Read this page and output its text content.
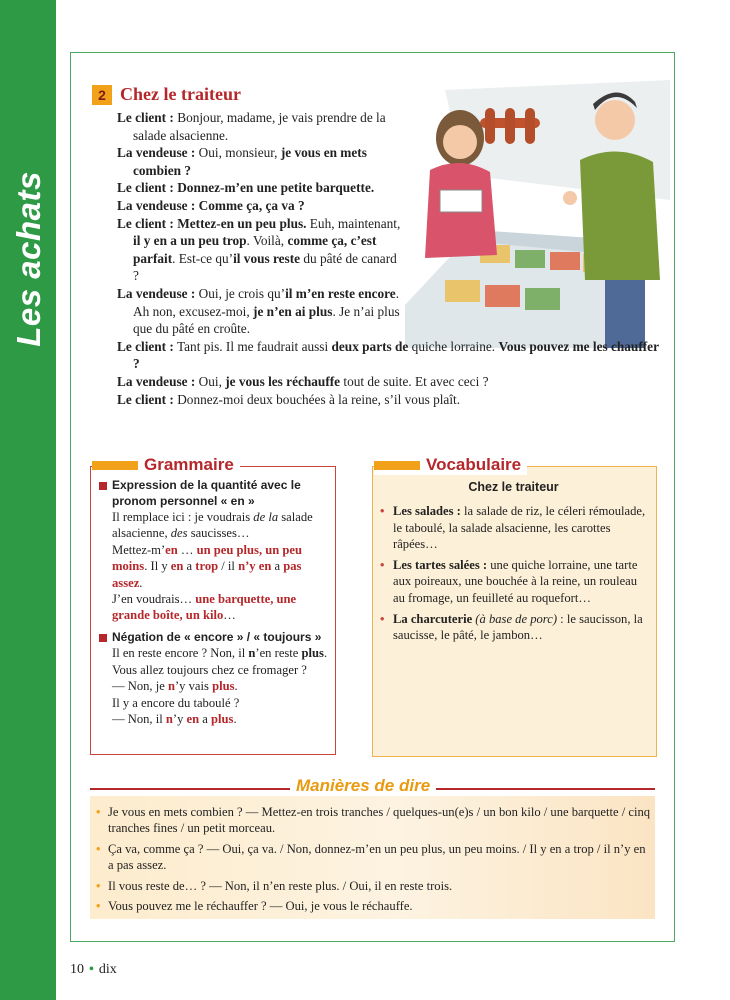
Les achats
2 Chez le traiteur
Le client : Bonjour, madame, je vais prendre de la salade alsacienne.
La vendeuse : Oui, monsieur, je vous en mets combien ?
Le client : Donnez-m’en une petite barquette.
La vendeuse : Comme ça, ça va ?
Le client : Mettez-en un peu plus. Euh, maintenant, il y en a un peu trop. Voilà, comme ça, c’est parfait. Est-ce qu’il vous reste du pâté de canard ?
La vendeuse : Oui, je crois qu’il m’en reste encore. Ah non, excusez-moi, je n’en ai plus. Je n’ai plus que du pâté en croûte.
Le client : Tant pis. Il me faudrait aussi deux parts de quiche lorraine. Vous pouvez me les chauffer ?
La vendeuse : Oui, je vous les réchauffe tout de suite. Et avec ceci ?
Le client : Donnez-moi deux bouchées à la reine, s’il vous plaît.
Grammaire
Expression de la quantité avec le pronom personnel « en »
Il remplace ici : je voudrais de la salade alsacienne, des saucisses…
Mettez-m’en … un peu plus, un peu moins. Il y en a trop / il n’y en a pas assez.
J’en voudrais… une barquette, une grande boîte, un kilo…
Négation de « encore » / « toujours »
Il en reste encore ? Non, il n’en reste plus.
Vous allez toujours chez ce fromager ?
— Non, je n’y vais plus.
Il y a encore du taboulé ?
— Non, il n’y en a plus.
Vocabulaire
Chez le traiteur
• Les salades : la salade de riz, le céleri rémoulade, le taboulé, la salade alsacienne, les carottes râpées…
• Les tartes salées : une quiche lorraine, une tarte aux poireaux, une bouchée à la reine, un rouleau au fromage, un feuilleté au roquefort…
• La charcuterie (à base de porc) : le saucisson, la saucisse, le pâté, le jambon…
Manières de dire
• Je vous en mets combien ? — Mettez-en trois tranches / quelques-un(e)s / un bon kilo / une barquette / cinq tranches fines / un petit morceau.
• Ça va, comme ça ? — Oui, ça va. / Non, donnez-m’en un peu plus, un peu moins. / Il y en a trop / il n’y en a pas assez.
• Il vous reste de… ? — Non, il n’en reste plus. / Oui, il en reste trois.
• Vous pouvez me le réchauffer ? — Oui, je vous le réchauffe.
10 • dix
